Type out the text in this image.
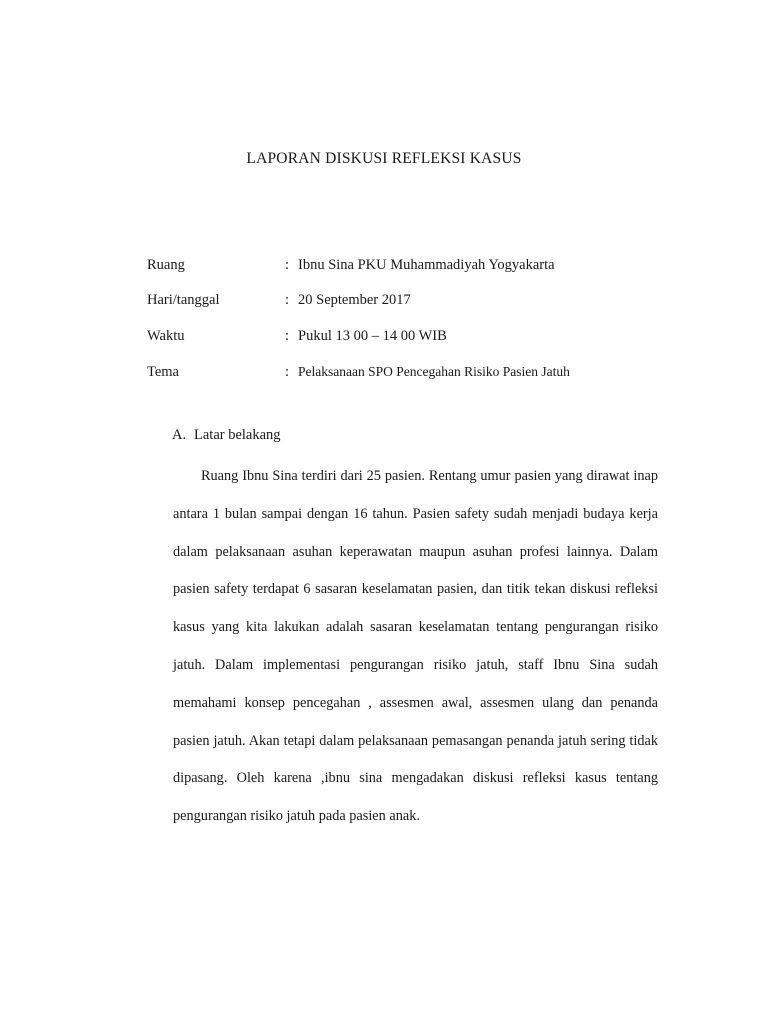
LAPORAN DISKUSI REFLEKSI KASUS
Ruang	: Ibnu Sina PKU Muhammadiyah Yogyakarta
Hari/tanggal	: 20 September 2017
Waktu	: Pukul 13 00 – 14 00 WIB
Tema	: Pelaksanaan SPO Pencegahan Risiko Pasien Jatuh
A. Latar belakang

Ruang Ibnu Sina terdiri dari 25 pasien. Rentang umur pasien yang dirawat inap antara 1 bulan sampai dengan 16 tahun. Pasien safety sudah menjadi budaya kerja dalam pelaksanaan asuhan keperawatan maupun asuhan profesi lainnya. Dalam pasien safety terdapat 6 sasaran keselamatan pasien, dan titik tekan diskusi refleksi kasus yang kita lakukan adalah sasaran keselamatan tentang pengurangan risiko jatuh. Dalam implementasi pengurangan risiko jatuh, staff Ibnu Sina sudah memahami konsep pencegahan , assesmen awal, assesmen ulang dan penanda pasien jatuh. Akan tetapi dalam pelaksanaan pemasangan penanda jatuh sering tidak dipasang. Oleh karena ,ibnu sina mengadakan diskusi refleksi kasus tentang pengurangan risiko jatuh pada pasien anak.
